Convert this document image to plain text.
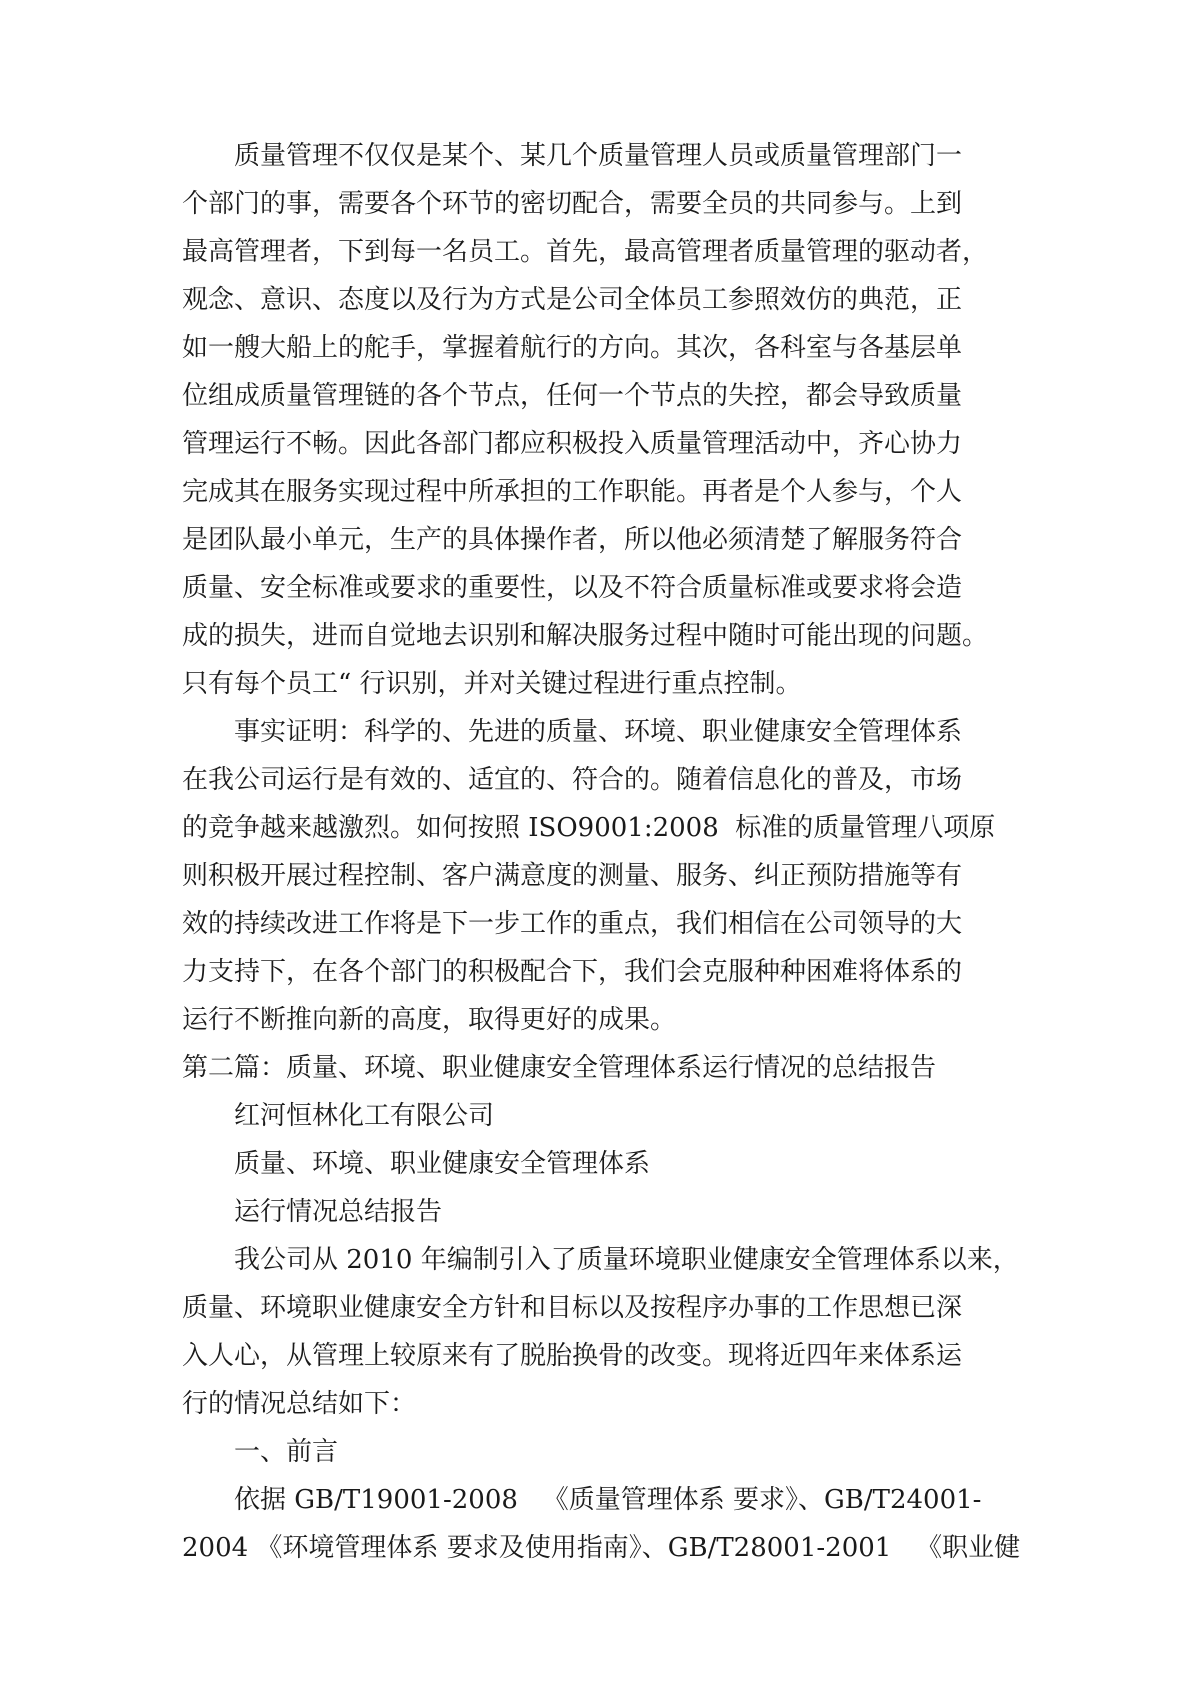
质量管理不仅仅是某个、某几个质量管理人员或质量管理部门一
个部门的事，需要各个环节的密切配合，需要全员的共同参与。上到
最高管理者，下到每一名员工。首先，最高管理者质量管理的驱动者，
观念、意识、态度以及行为方式是公司全体员工参照效仿的典范，正
如一艘大船上的舵手，掌握着航行的方向。其次，各科室与各基层单
位组成质量管理链的各个节点，任何一个节点的失控，都会导致质量
管理运行不畅。因此各部门都应积极投入质量管理活动中，齐心协力
完成其在服务实现过程中所承担的工作职能。再者是个人参与，个人
是团队最小单元，生产的具体操作者，所以他必须清楚了解服务符合
质量、安全标准或要求的重要性，以及不符合质量标准或要求将会造
成的损失，进而自觉地去识别和解决服务过程中随时可能出现的问题。
只有每个员工“ 行识别，并对关键过程进行重点控制。
事实证明：科学的、先进的质量、环境、职业健康安全管理体系
在我公司运行是有效的、适宜的、符合的。随着信息化的普及，市场
的竞争越来越激烈。如何按照 ISO9001:2008  标准的质量管理八项原
则积极开展过程控制、客户满意度的测量、服务、纠正预防措施等有
效的持续改进工作将是下一步工作的重点，我们相信在公司领导的大
力支持下，在各个部门的积极配合下，我们会克服种种困难将体系的
运行不断推向新的高度，取得更好的成果。
第二篇：质量、环境、职业健康安全管理体系运行情况的总结报告
红河恒林化工有限公司
质量、环境、职业健康安全管理体系
运行情况总结报告
我公司从 2010 年编制引入了质量环境职业健康安全管理体系以来，
质量、环境职业健康安全方针和目标以及按程序办事的工作思想已深
入人心，从管理上较原来有了脱胎换骨的改变。现将近四年来体系运
行的情况总结如下：
一、前言
依据 GB/T19001-2008   《质量管理体系 要求》、GB/T24001-
2004 《环境管理体系 要求及使用指南》、GB/T28001-2001   《职业健
